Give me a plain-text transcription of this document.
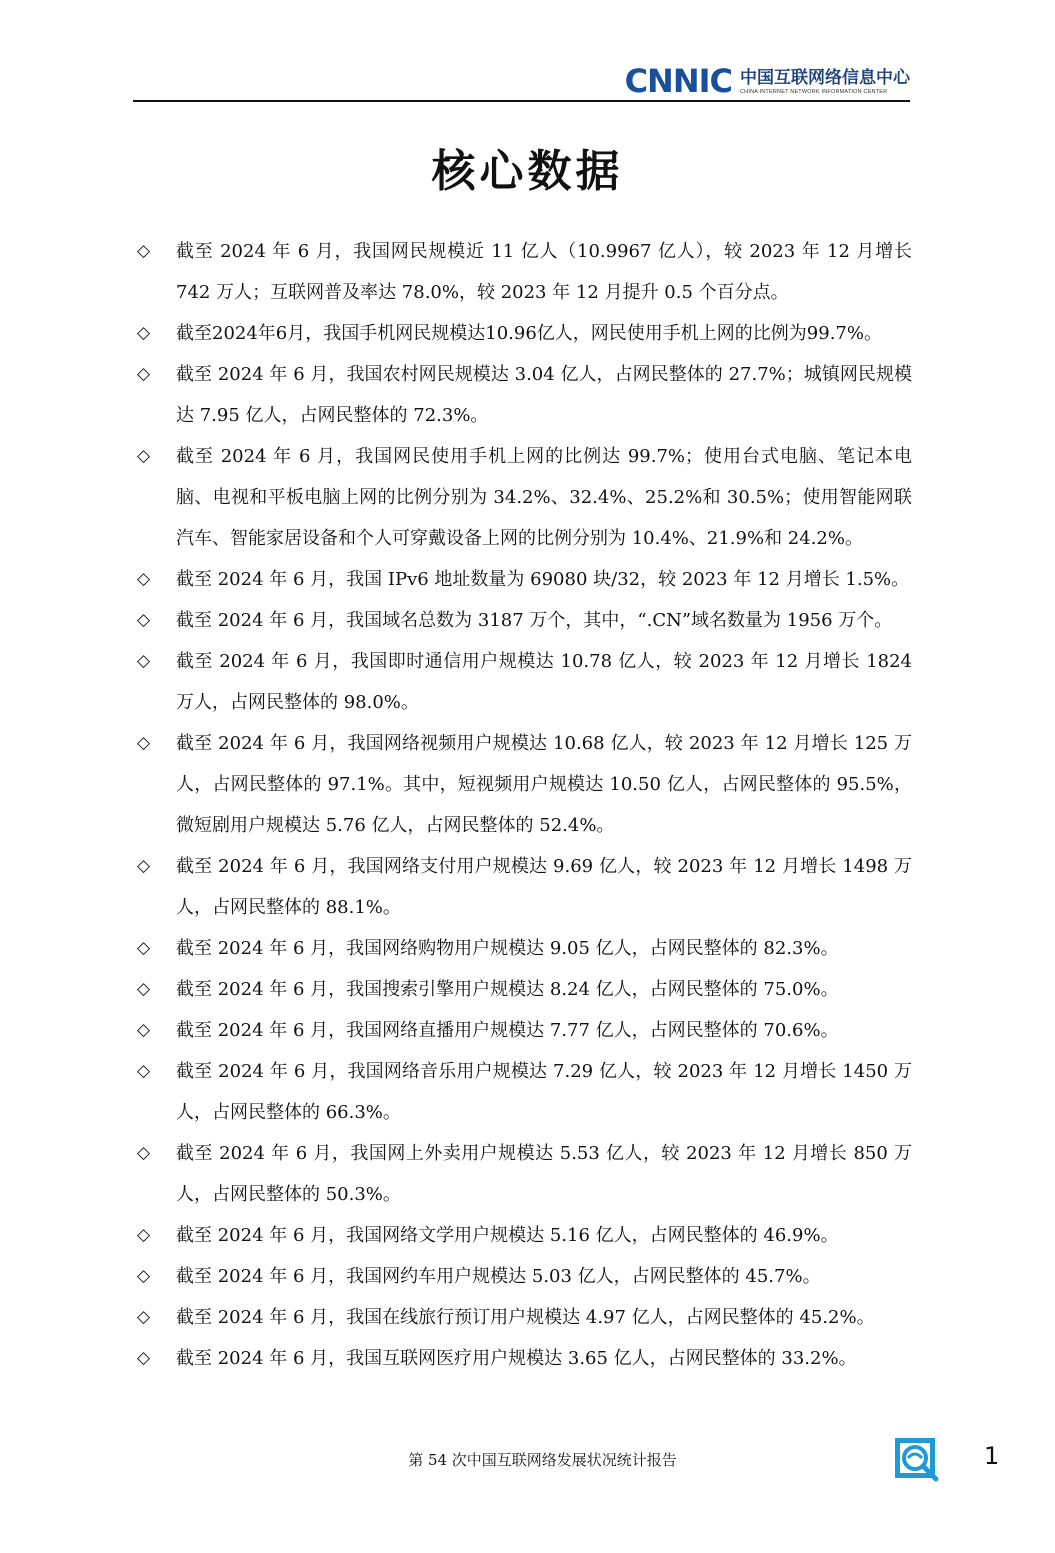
CNNIC 中国互联网络信息中心
CHINA INTERNET NETWORK INFORMATION CENTER
核心数据
◇	截至 2024 年 6 月，我国网民规模近 11 亿人（10.9967 亿人），较 2023 年 12 月增长 742 万人；互联网普及率达 78.0%，较 2023 年 12 月提升 0.5 个百分点。
◇	截至2024年6月，我国手机网民规模达10.96亿人，网民使用手机上网的比例为99.7%。
◇	截至 2024 年 6 月，我国农村网民规模达 3.04 亿人，占网民整体的 27.7%；城镇网民规模达 7.95 亿人，占网民整体的 72.3%。
◇	截至 2024 年 6 月，我国网民使用手机上网的比例达 99.7%；使用台式电脑、笔记本电脑、电视和平板电脑上网的比例分别为 34.2%、32.4%、25.2%和 30.5%；使用智能网联汽车、智能家居设备和个人可穿戴设备上网的比例分别为 10.4%、21.9%和 24.2%。
◇	截至 2024 年 6 月，我国 IPv6 地址数量为 69080 块/32，较 2023 年 12 月增长 1.5%。
◇	截至 2024 年 6 月，我国域名总数为 3187 万个，其中，“.CN”域名数量为 1956 万个。
◇	截至 2024 年 6 月，我国即时通信用户规模达 10.78 亿人，较 2023 年 12 月增长 1824 万人，占网民整体的 98.0%。
◇	截至 2024 年 6 月，我国网络视频用户规模达 10.68 亿人，较 2023 年 12 月增长 125 万人，占网民整体的 97.1%。其中，短视频用户规模达 10.50 亿人，占网民整体的 95.5%，微短剧用户规模达 5.76 亿人，占网民整体的 52.4%。
◇	截至 2024 年 6 月，我国网络支付用户规模达 9.69 亿人，较 2023 年 12 月增长 1498 万人，占网民整体的 88.1%。
◇	截至 2024 年 6 月，我国网络购物用户规模达 9.05 亿人，占网民整体的 82.3%。
◇	截至 2024 年 6 月，我国搜索引擎用户规模达 8.24 亿人，占网民整体的 75.0%。
◇	截至 2024 年 6 月，我国网络直播用户规模达 7.77 亿人，占网民整体的 70.6%。
◇	截至 2024 年 6 月，我国网络音乐用户规模达 7.29 亿人，较 2023 年 12 月增长 1450 万人，占网民整体的 66.3%。
◇	截至 2024 年 6 月，我国网上外卖用户规模达 5.53 亿人，较 2023 年 12 月增长 850 万人，占网民整体的 50.3%。
◇	截至 2024 年 6 月，我国网络文学用户规模达 5.16 亿人，占网民整体的 46.9%。
◇	截至 2024 年 6 月，我国网约车用户规模达 5.03 亿人，占网民整体的 45.7%。
◇	截至 2024 年 6 月，我国在线旅行预订用户规模达 4.97 亿人，占网民整体的 45.2%。
◇	截至 2024 年 6 月，我国互联网医疗用户规模达 3.65 亿人，占网民整体的 33.2%。
第 54 次中国互联网络发展状况统计报告	1
